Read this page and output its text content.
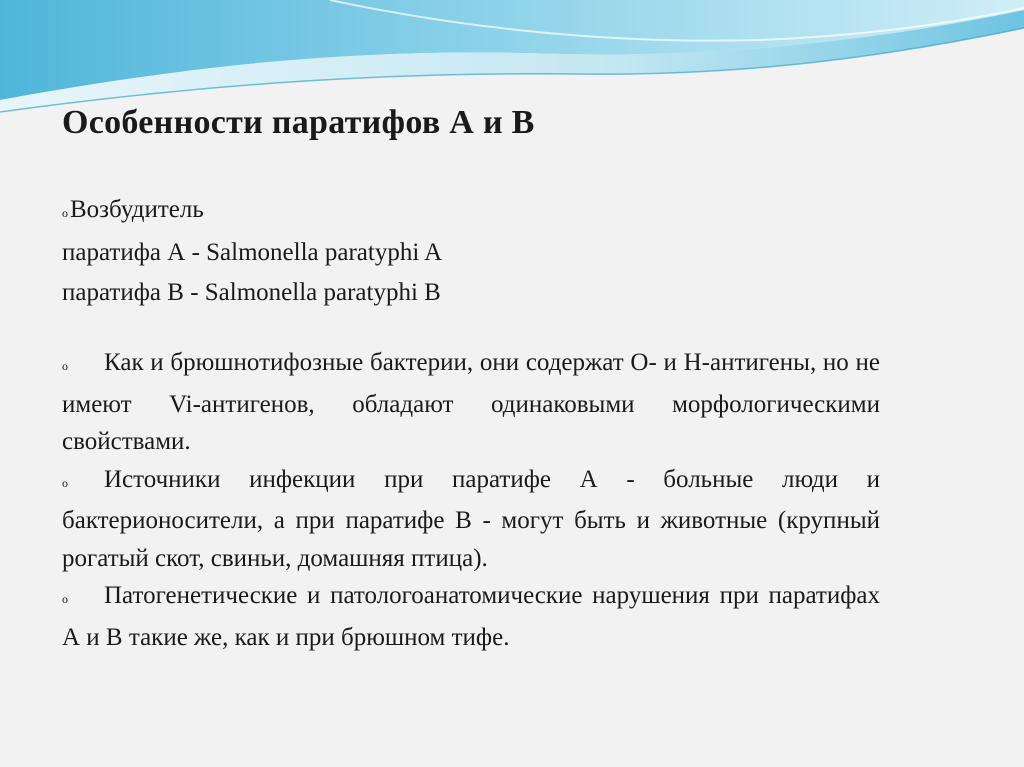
Особенности паратифов А и В
oВозбудитель
паратифа А - Salmonella paratyphi A
паратифа В - Salmonella paratyphi В

o Как и брюшнотифозные бактерии, они содержат О- и Н-антигены, но не имеют Vi-антигенов, обладают одинаковыми морфологическими свойствами.

o Источники инфекции при паратифе А - больные люди и бактерионосители, а при паратифе В - могут быть и животные (крупный рогатый скот, свиньи, домашняя птица).

o Патогенетические и патологоанатомические нарушения при паратифах А и В такие же, как и при брюшном тифе.
